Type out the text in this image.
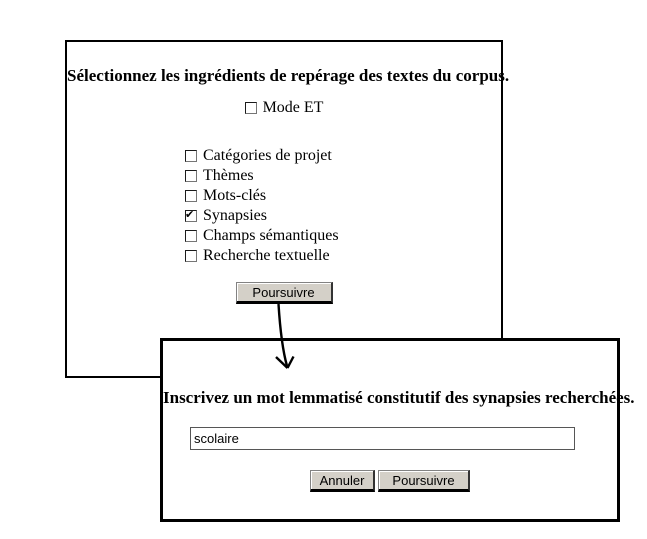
Sélectionnez les ingrédients de repérage des textes du corpus.
Mode ET
Catégories de projet
Thèmes
Mots-clés
✔ Synapsies
Champs sémantiques
Recherche textuelle
Poursuivre
Inscrivez un mot lemmatisé constitutif des synapsies recherchées.
scolaire
Annuler Poursuivre
